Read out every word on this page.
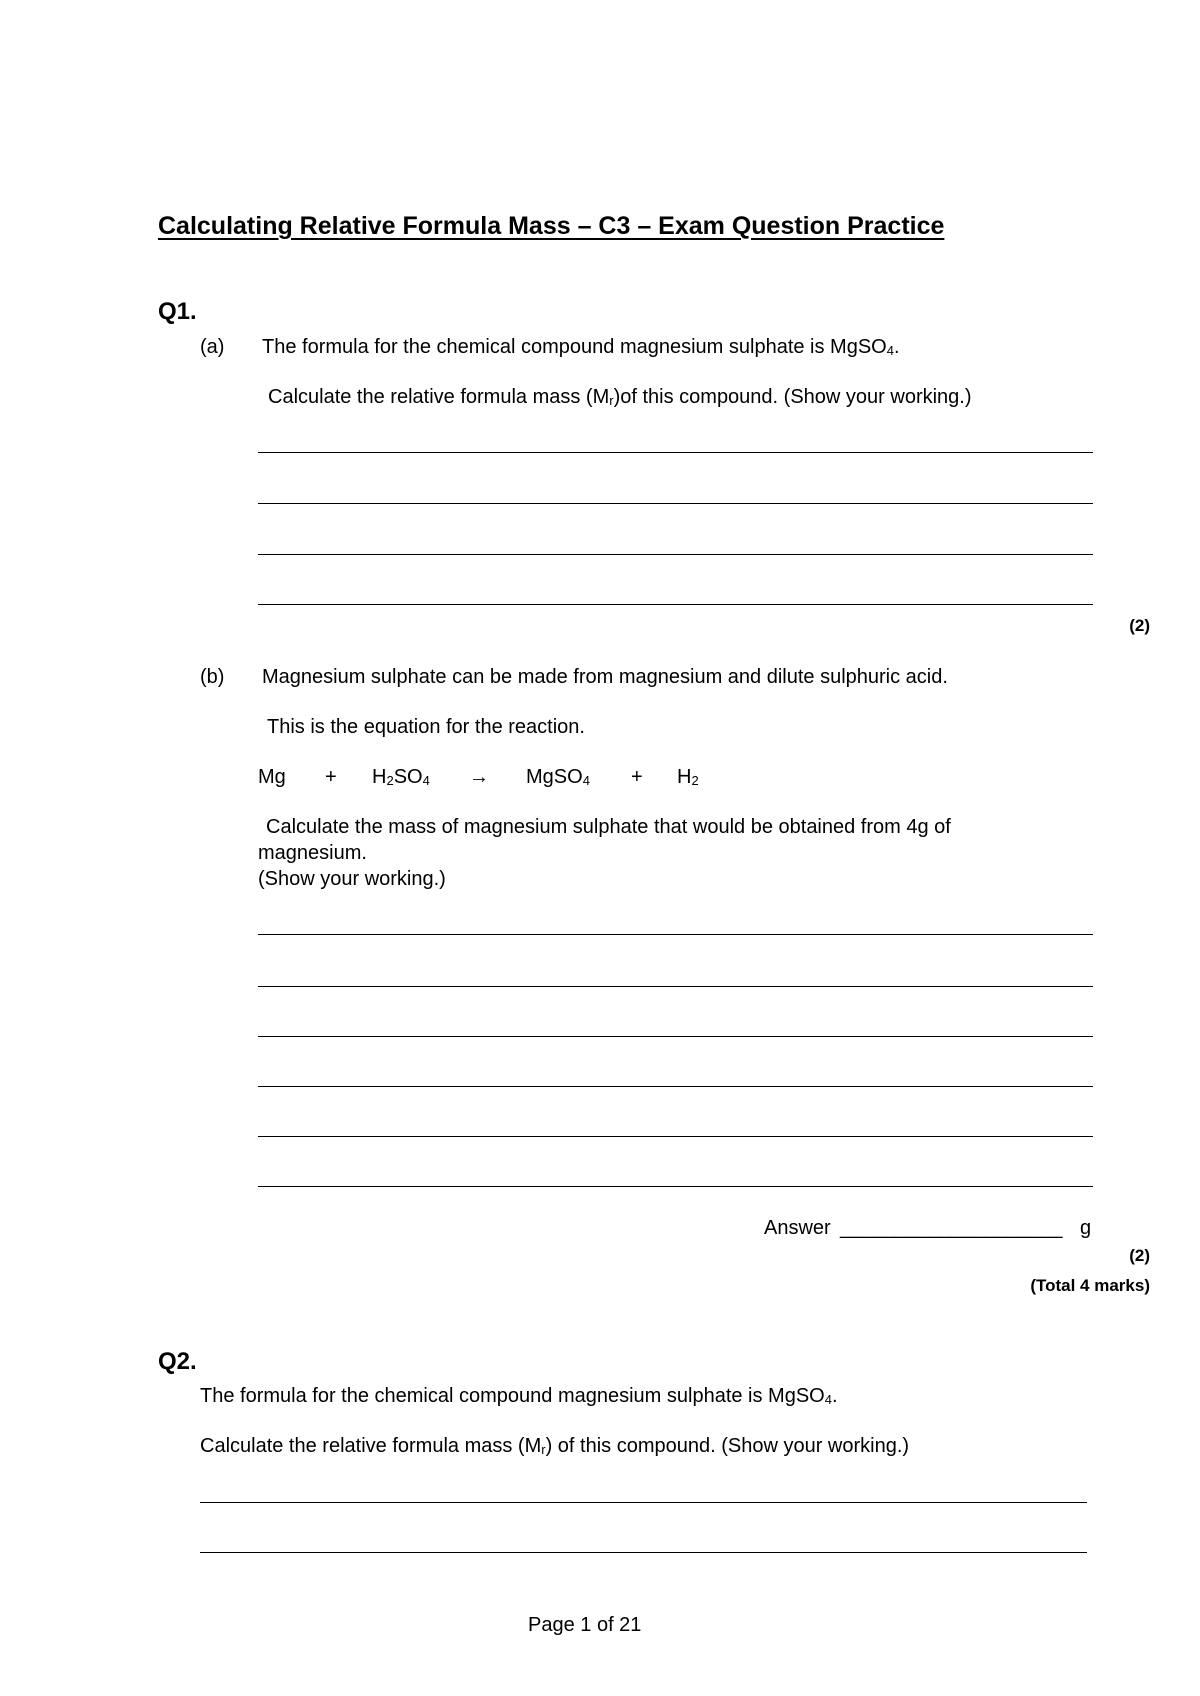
Calculating Relative Formula Mass – C3 – Exam Question Practice
Q1.
(a) The formula for the chemical compound magnesium sulphate is MgSO$_4$.
Calculate the relative formula mass $(M_r)of$ this compound. (Show your working.)
(2)
(b) Magnesium sulphate can be made from magnesium and dilute sulphuric acid.
This is the equation for the reaction.
$Mg + H_2SO_4$ → MgSO$_4$ + $H_2$
Calculate the mass of magnesium sulphate that would be obtained from 4g of
magnesium.
(Show your working.)
Answer ____________________ g
(2)
(Total 4 marks)
Q2.
The formula for the chemical compound magnesium sulphate is MgSO$_4$.
Calculate the relative formula mass $(M_r)$ of this compound. (Show your working.)
Page 1 of 21
